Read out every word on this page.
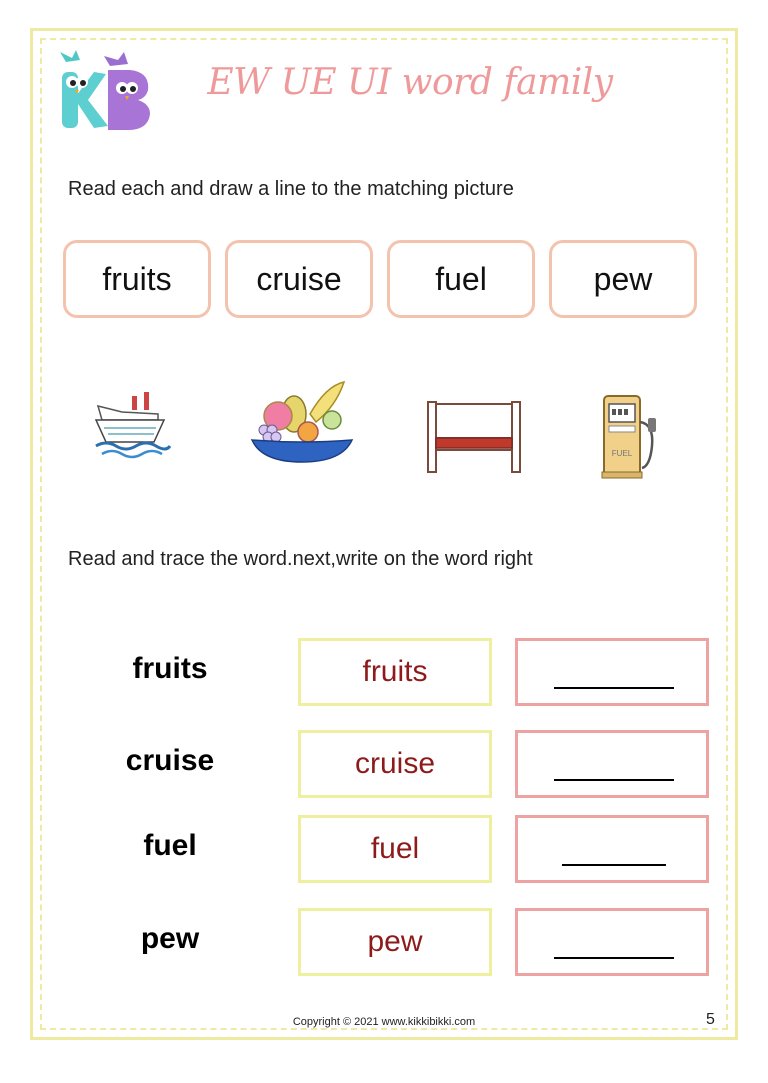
EW UE UI word family
Read each and draw a line to the matching picture
fruits	cruise	fuel	pew
FUEL
Read and trace the word.next,write on the word right
fruits	fruits
cruise	cruise
fuel	fuel
pew	pew
Copyright © 2021 www.kikkibikki.com	5
